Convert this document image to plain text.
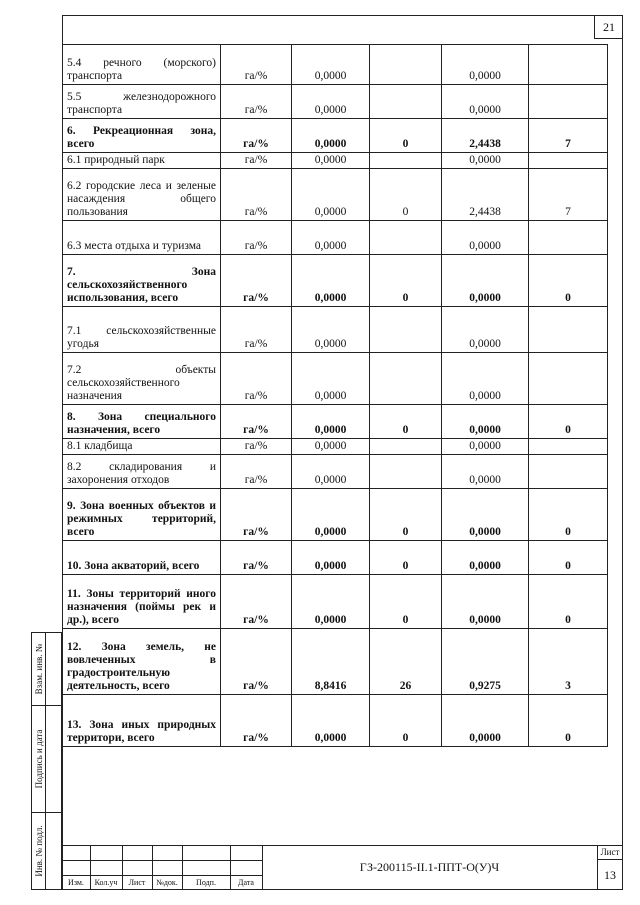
21
5.4 речного (морского) транспорта	га/%	0,0000		0,0000	
5.5 железнодорожного транспорта	га/%	0,0000		0,0000	
6. Рекреационная зона, всего	га/%	0,0000	0	2,4438	7
6.1 природный парк	га/%	0,0000		0,0000	
6.2 городские леса и зеленые насаждения общего пользования	га/%	0,0000	0	2,4438	7
6.3 места отдыха и туризма	га/%	0,0000		0,0000	
7. Зона сельскохозяйственного использования, всего	га/%	0,0000	0	0,0000	0
7.1 сельскохозяйственные угодья	га/%	0,0000		0,0000	
7.2 объекты сельскохозяйственного назначения	га/%	0,0000		0,0000	
8. Зона специального назначения, всего	га/%	0,0000	0	0,0000	0
8.1 кладбища	га/%	0,0000		0,0000	
8.2 складирования и захоронения отходов	га/%	0,0000		0,0000	
9. Зона военных объектов и режимных территорий, всего	га/%	0,0000	0	0,0000	0
10. Зона акваторий, всего	га/%	0,0000	0	0,0000	0
11. Зоны территорий иного назначения (поймы рек и др.), всего	га/%	0,0000	0	0,0000	0
12. Зона земель, не вовлеченных в градостроительную деятельность, всего	га/%	8,8416	26	0,9275	3
13. Зона иных природных территори, всего	га/%	0,0000	0	0,0000	0
Взам. инв. №
Подпись и дата
Инв. № подл.
Изм.	Кол.уч	Лист	№док.	Подп.	Дата
ГЗ-200115-II.1-ППТ-О(У)Ч
Лист
13
